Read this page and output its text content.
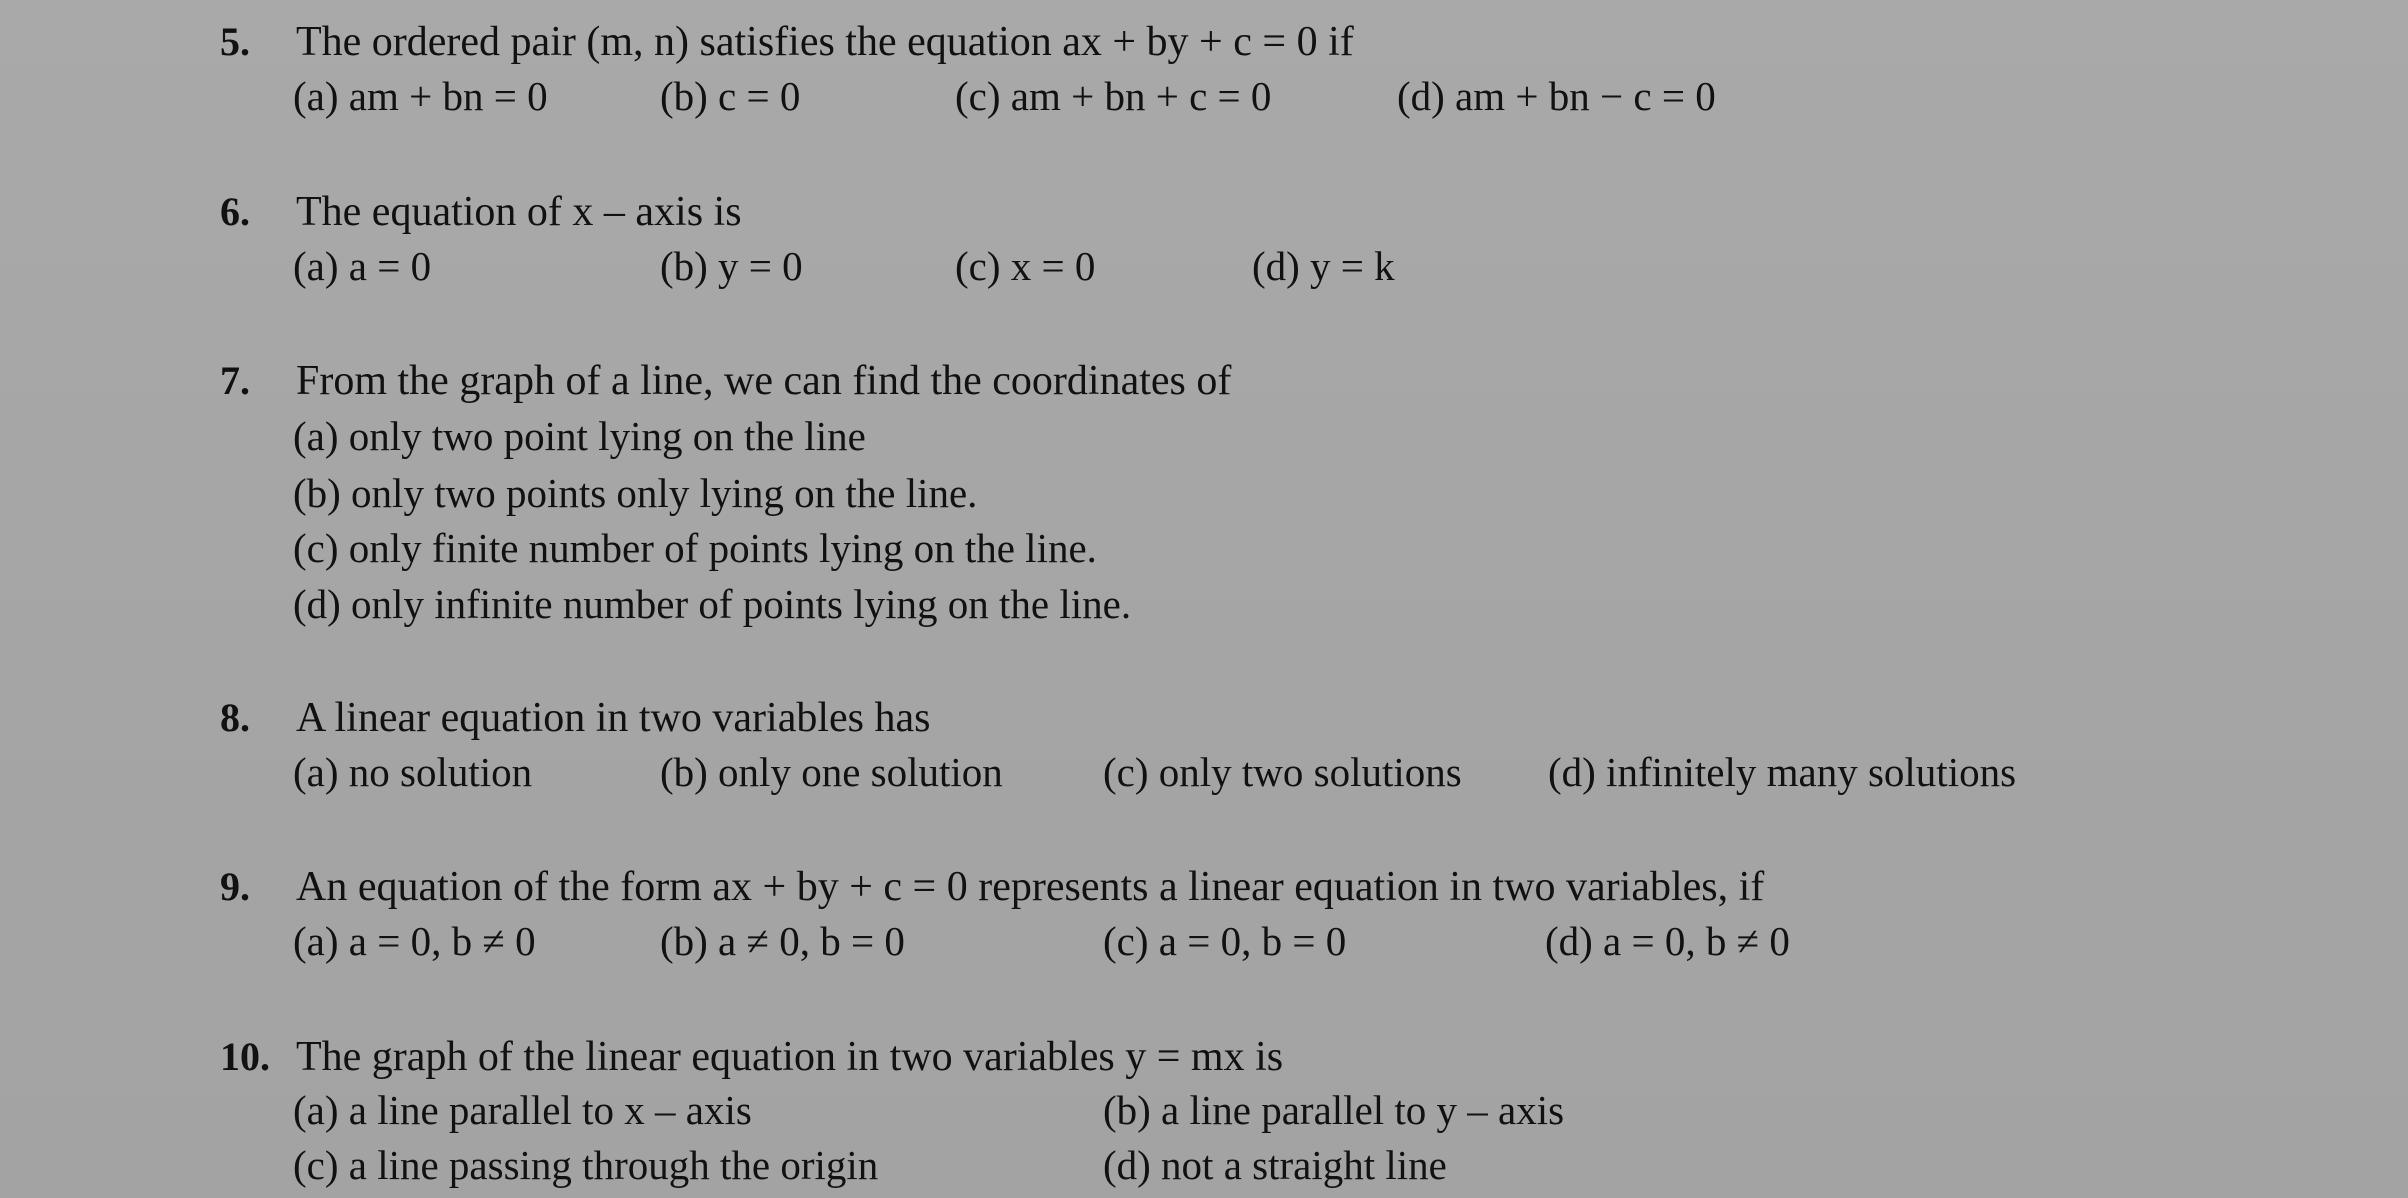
5. The ordered pair (m, n) satisfies the equation ax + by + c = 0 if
(a) am + bn = 0	(b) c = 0	(c) am + bn + c = 0	(d) am + bn − c = 0
6. The equation of x – axis is
(a) a = 0	(b) y = 0	(c) x = 0	(d) y = k
7. From the graph of a line, we can find the coordinates of
(a) only two point lying on the line
(b) only two points only lying on the line.
(c) only finite number of points lying on the line.
(d) only infinite number of points lying on the line.
8. A linear equation in two variables has
(a) no solution	(b) only one solution (c) only two solutions (d) infinitely many solutions
9. An equation of the form ax + by + c = 0 represents a linear equation in two variables, if
(a) a = 0, b ≠ 0	(b) a ≠ 0, b = 0	(c) a = 0, b = 0	(d) a = 0, b ≠ 0
10. The graph of the linear equation in two variables y = mx is
(a) a line parallel to x – axis	(b) a line parallel to y – axis
(c) a line passing through the origin	(d) not a straight line
